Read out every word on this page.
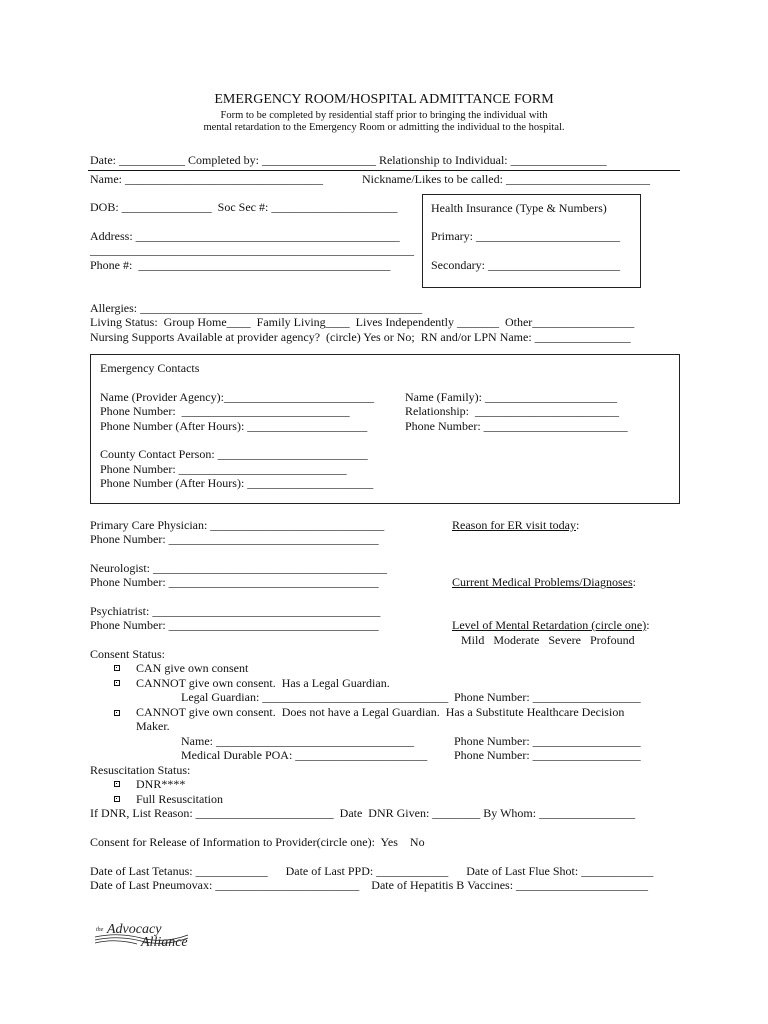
EMERGENCY ROOM/HOSPITAL ADMITTANCE FORM
Form to be completed by residential staff prior to bringing the individual with
mental retardation to the Emergency Room or admitting the individual to the hospital.
Date: ___________ Completed by: ___________________ Relationship to Individual: ________________
Name: _________________________________	Nickname/Likes to be called: ________________________
DOB: _______________  Soc Sec #: _____________________
Address: ____________________________________________
______________________________________________________
Phone #:  __________________________________________
Health Insurance (Type & Numbers)
Primary: ________________________
Secondary: ______________________
Allergies: _______________________________________________
Living Status:  Group Home____  Family Living____  Lives Independently _______  Other_________________
Nursing Supports Available at provider agency?  (circle) Yes or No;  RN and/or LPN Name: ________________
Emergency Contacts
Name (Provider Agency):_________________________
Phone Number:  ____________________________
Phone Number (After Hours): ____________________
Name (Family): ______________________
Relationship:  ________________________
Phone Number: ________________________
County Contact Person: _________________________
Phone Number: ____________________________
Phone Number (After Hours): _____________________
Primary Care Physician: _____________________________
Phone Number: ___________________________________
Neurologist: _______________________________________
Phone Number: ___________________________________
Psychiatrist: ______________________________________
Phone Number: ___________________________________
Reason for ER visit today:
Current Medical Problems/Diagnoses:
Level of Mental Retardation (circle one):
Mild   Moderate   Severe   Profound
Consent Status:
CAN give own consent
CANNOT give own consent.  Has a Legal Guardian.
Legal Guardian: _______________________________ Phone Number: __________________
CANNOT give own consent.  Does not have a Legal Guardian.  Has a Substitute Healthcare Decision
Maker.
Name: _________________________________	Phone Number: __________________
Medical Durable POA: ______________________ Phone Number: __________________
Resuscitation Status:
DNR****
Full Resuscitation
If DNR, List Reason: _______________________  Date  DNR Given: ________ By Whom: ________________
Consent for Release of Information to Provider(circle one):  Yes    No
Date of Last Tetanus: ____________      Date of Last PPD: ____________      Date of Last Flue Shot: ____________
Date of Last Pneumovax: ________________________    Date of Hepatitis B Vaccines: ______________________
the Advocacy
Alliance
